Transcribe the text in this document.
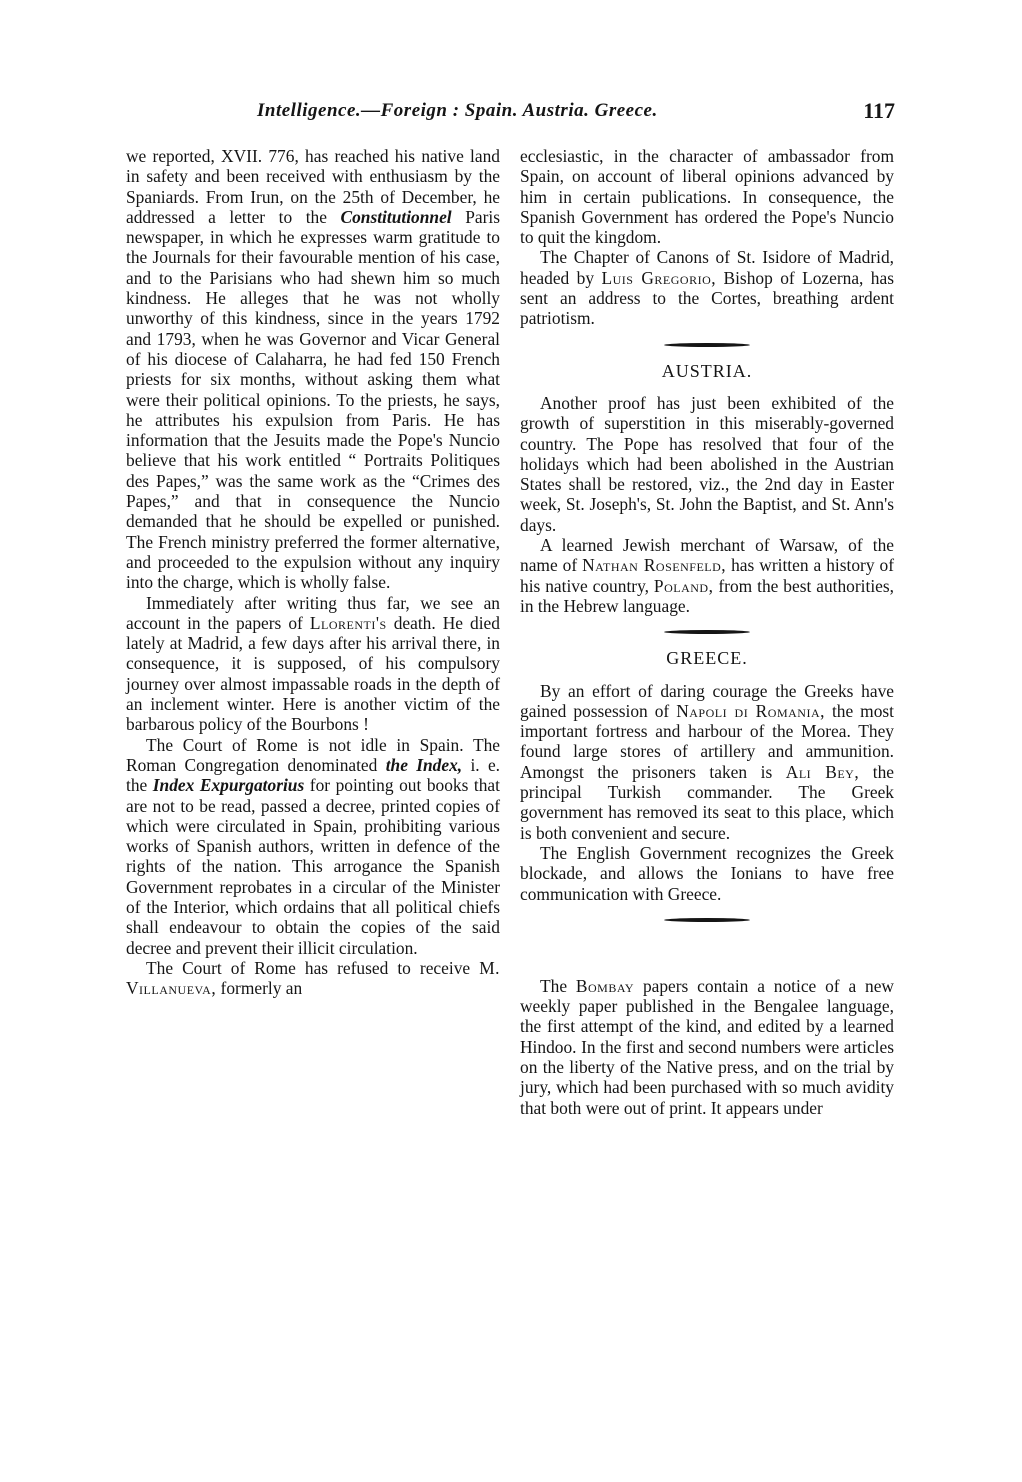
Intelligence.—Foreign : Spain. Austria. Greece.	117

we reported, XVII. 776, has reached his native land in safety and been received with enthusiasm by the Spaniards. From Irun, on the 25th of December, he addressed a letter to the Constitutionnel Paris newspaper, in which he expresses warm gratitude to the Journals for their favourable mention of his case, and to the Parisians who had shewn him so much kindness. He alleges that he was not wholly unworthy of this kindness, since in the years 1792 and 1793, when he was Governor and Vicar General of his diocese of Calaharra, he had fed 150 French priests for six months, without asking them what were their political opinions. To the priests, he says, he attributes his expulsion from Paris. He has information that the Jesuits made the Pope's Nuncio believe that his work entitled “ Portraits Politiques des Papes,” was the same work as the “Crimes des Papes,” and that in consequence the Nuncio demanded that he should be expelled or punished. The French ministry preferred the former alternative, and proceeded to the expulsion without any inquiry into the charge, which is wholly false.

Immediately after writing thus far, we see an account in the papers of Llorenti's death. He died lately at Madrid, a few days after his arrival there, in consequence, it is supposed, of his compulsory journey over almost impassable roads in the depth of an inclement winter. Here is another victim of the barbarous policy of the Bourbons !

The Court of Rome is not idle in Spain. The Roman Congregation denominated the Index, i. e. the Index Expurgatorius for pointing out books that are not to be read, passed a decree, printed copies of which were circulated in Spain, prohibiting various works of Spanish authors, written in defence of the rights of the nation. This arrogance the Spanish Government reprobates in a circular of the Minister of the Interior, which ordains that all political chiefs shall endeavour to obtain the copies of the said decree and prevent their illicit circulation.

The Court of Rome has refused to receive M. Villanueva, formerly an

ecclesiastic, in the character of ambassador from Spain, on account of liberal opinions advanced by him in certain publications. In consequence, the Spanish Government has ordered the Pope's Nuncio to quit the kingdom.

The Chapter of Canons of St. Isidore of Madrid, headed by Luis Gregorio, Bishop of Lozerna, has sent an address to the Cortes, breathing ardent patriotism.

AUSTRIA.

Another proof has just been exhibited of the growth of superstition in this miserably-governed country. The Pope has resolved that four of the holidays which had been abolished in the Austrian States shall be restored, viz., the 2nd day in Easter week, St. Joseph's, St. John the Baptist, and St. Ann's days.

A learned Jewish merchant of Warsaw, of the name of Nathan Rosenfeld, has written a history of his native country, Poland, from the best authorities, in the Hebrew language.

GREECE.

By an effort of daring courage the Greeks have gained possession of Napoli di Romania, the most important fortress and harbour of the Morea. They found large stores of artillery and ammunition. Amongst the prisoners taken is Ali Bey, the principal Turkish commander. The Greek government has removed its seat to this place, which is both convenient and secure.

The English Government recognizes the Greek blockade, and allows the Ionians to have free communication with Greece.

The Bombay papers contain a notice of a new weekly paper published in the Bengalee language, the first attempt of the kind, and edited by a learned Hindoo. In the first and second numbers were articles on the liberty of the Native press, and on the trial by jury, which had been purchased with so much avidity that both were out of print. It appears under
